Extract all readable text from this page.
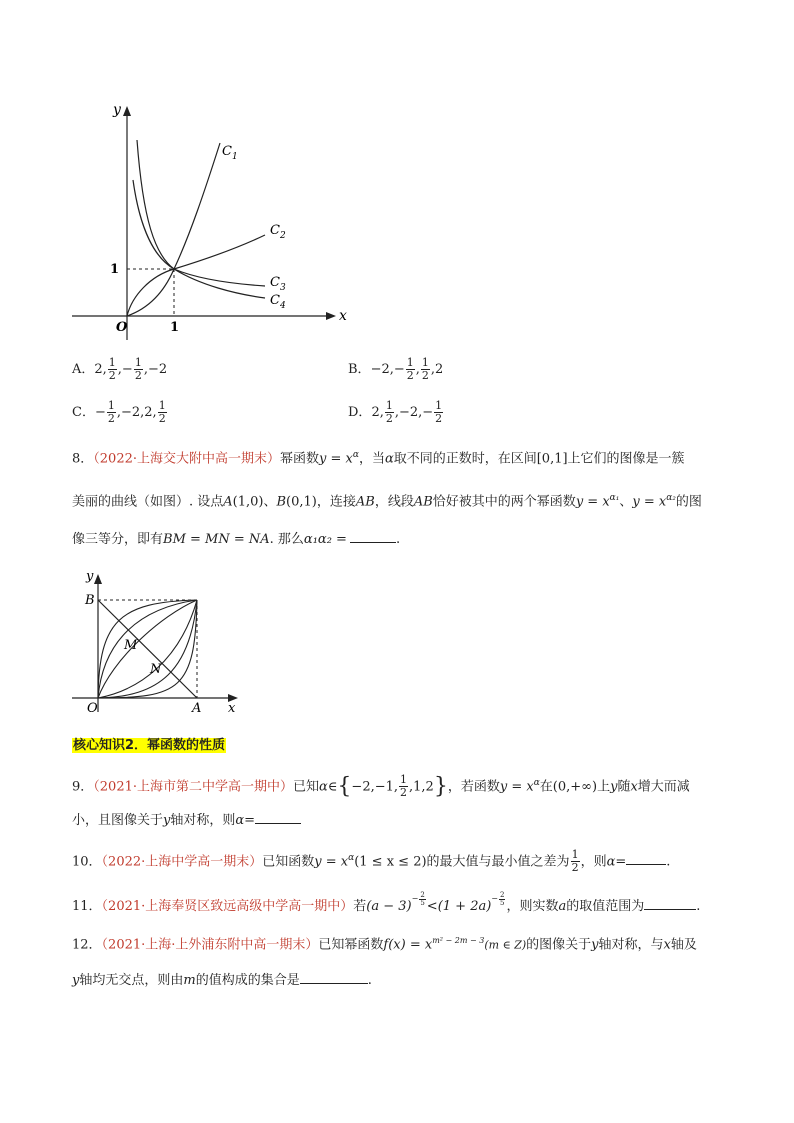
y
x
O
1
1
$C_1$
$C_2$
$C_3$
$C_4$
A．2, $\frac{1}{2}$ ,− $\frac{1}{2} ,-2$	B．$-2,- \frac{1}{2}$ , $\frac{1}{2} ,2$
C．− $\frac{1}{2} ,-2,2$, $\frac{1}{2}$	D．2, $\frac{1}{2} ,-2,- \frac{1}{2}$
8．（2022·上海交大附中高一期末）幂函数$y = x^\alpha$，当α取不同的正数时，在区间[0,1]上它们的图像是一簇
美丽的曲线（如图）. 设点A(1,0)、B(0,1)，连接AB，线段AB恰好被其中的两个幂函数$y = x^{\alpha_1}$、$y = x^{\alpha_2}$的图
像三等分，即有BM = MN = NA. 那么α₁α₂ =	.
y
x
O	A
B
M
N
核心知识2．幂函数的性质
9．（2021·上海市第二中学高一期中）已知α∈{−2,−1, $\frac{1}{2} ,1,2$}，若函数$y = x^\alpha$在(0,+∞)上y随x增大而减
小，且图像关于y轴对称，则α=
10．（2022·上海中学高一期末）已知函数$y = x^\alpha(1 \le x \le 2)$的最大值与最小值之差为 $\frac{1}{2}$ ，则α=	.
11．（2021·上海奉贤区致远高级中学高一期中）若$(a - 3)^{- \frac{2}{5}} <(1 + 2a)^{- \frac{2}{5}}$ ，则实数a的取值范围为	.
12．（2021·上海·上外浦东附中高一期末）已知幂函数$f(x) = x^{m^2 - 2m - 3}(m$ ∈ Z)的图像关于y轴对称，与x轴及
y轴均无交点，则由m的值构成的集合是	.
